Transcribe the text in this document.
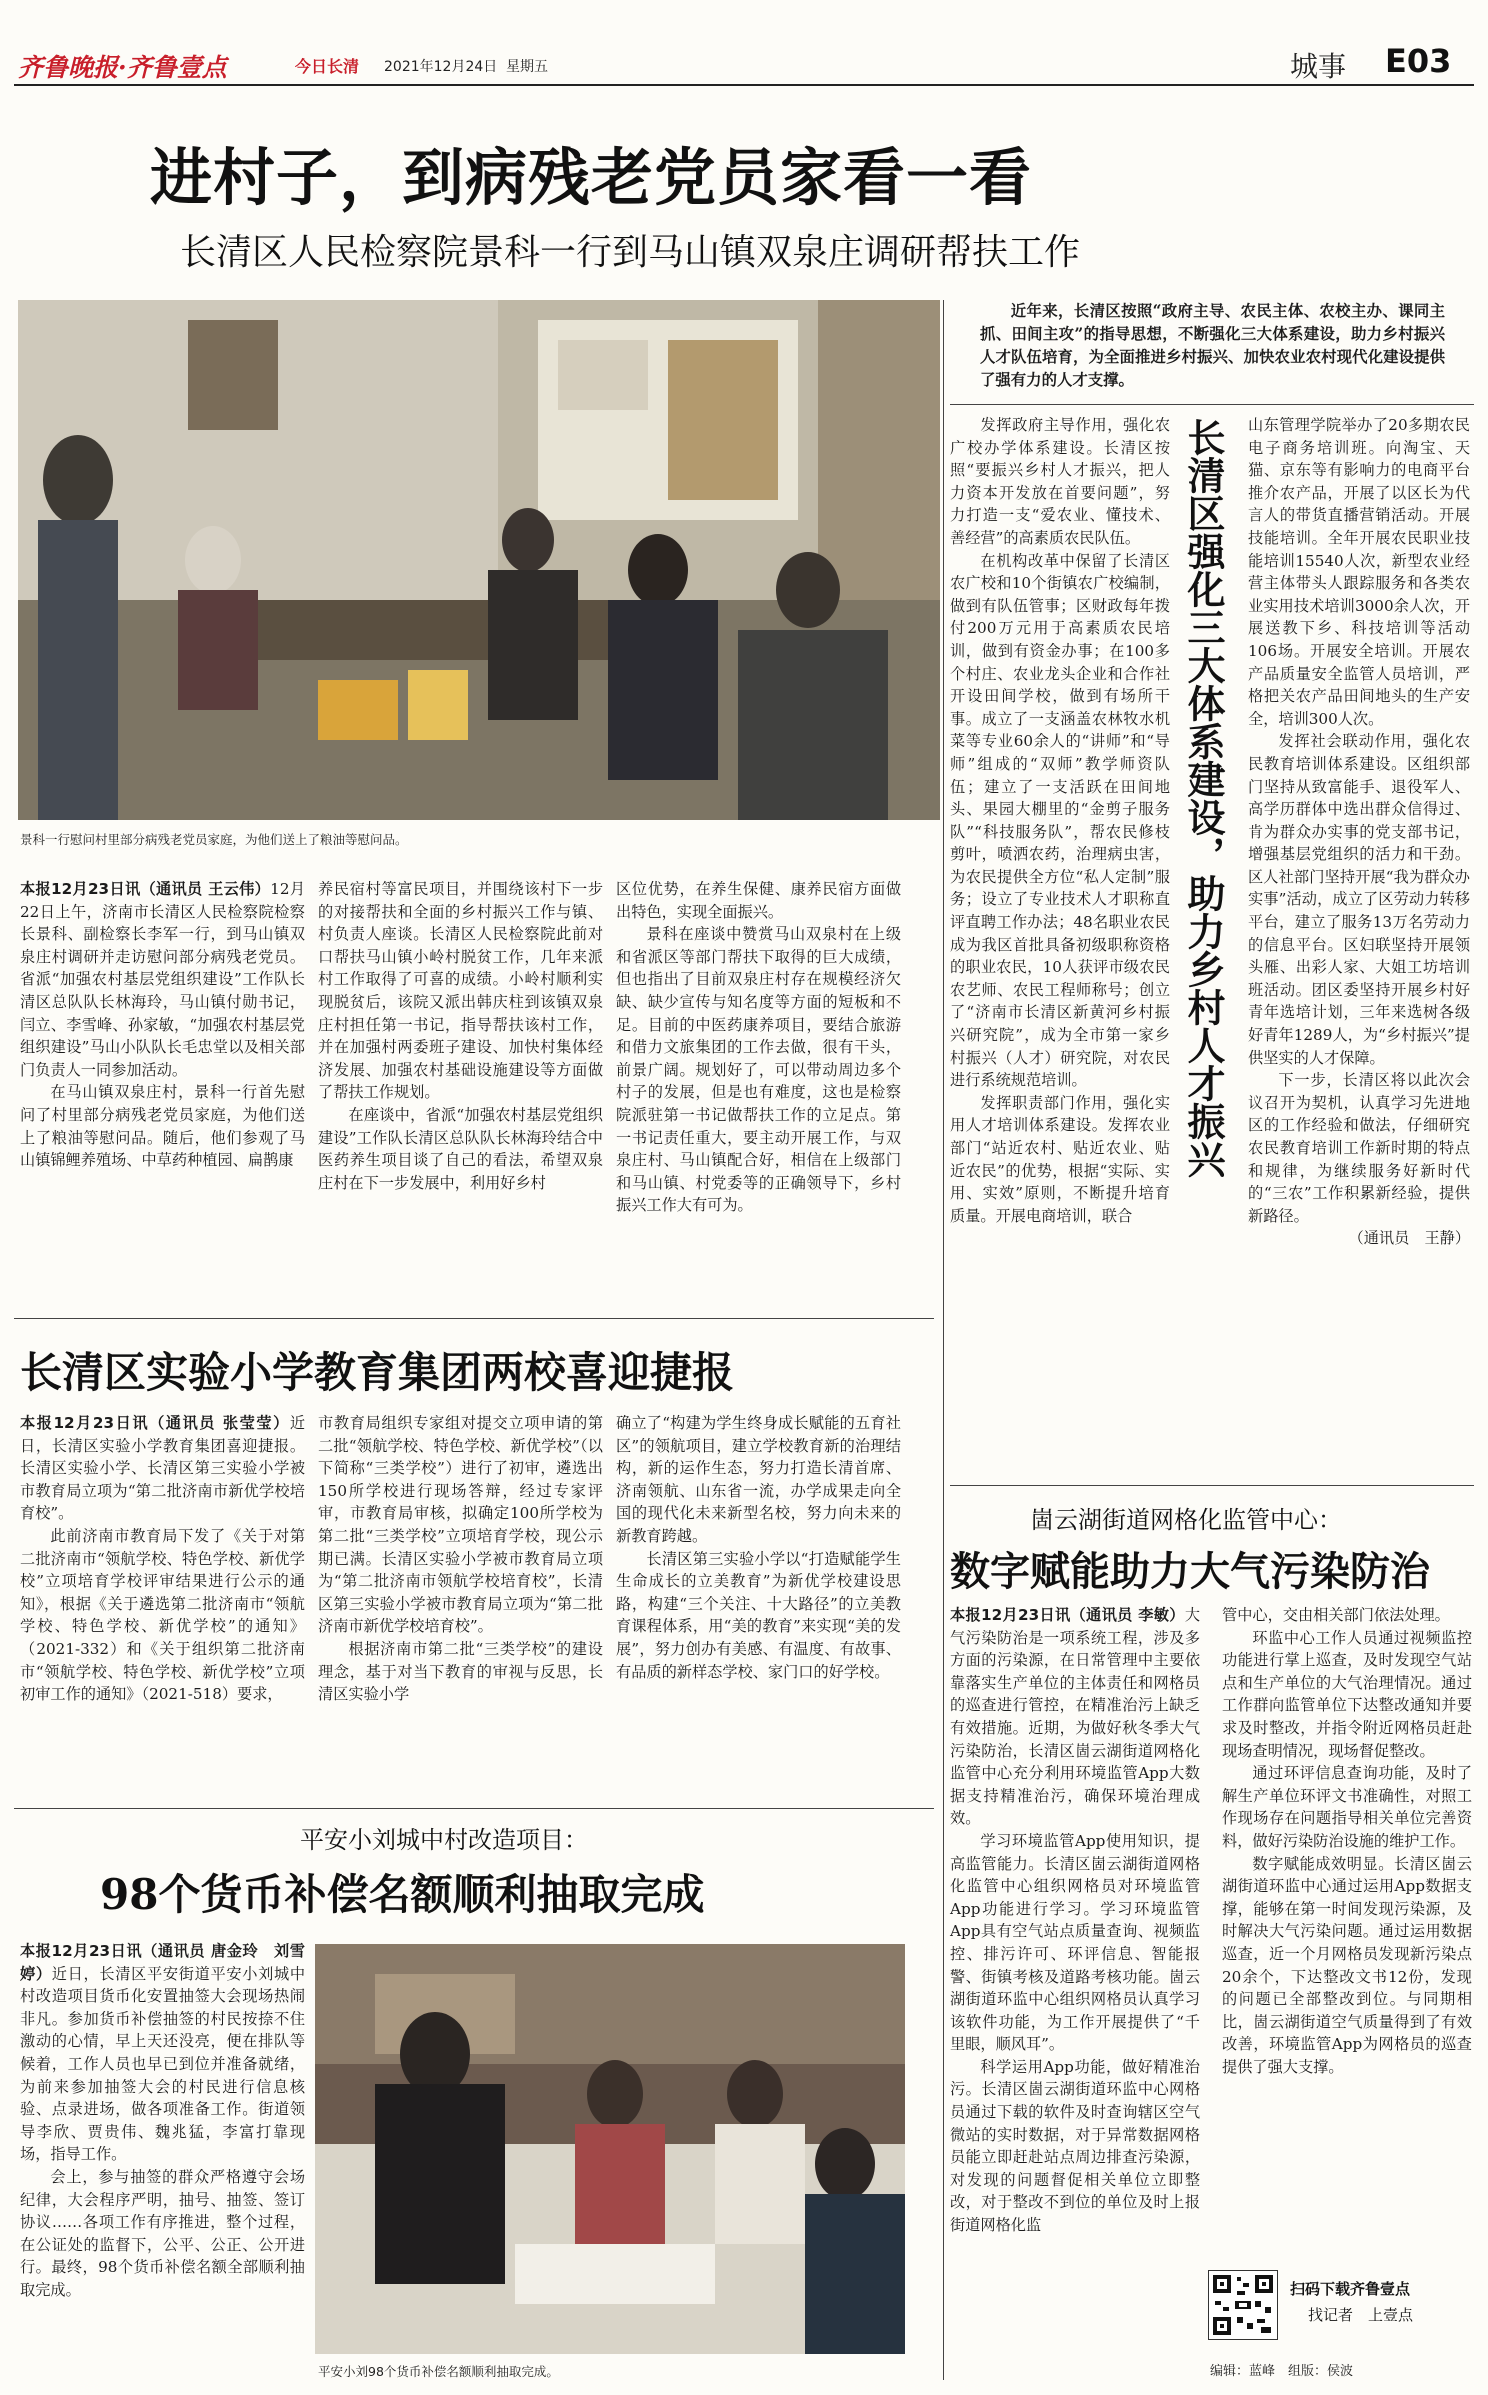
齐鲁晚报·齐鲁壹点	今日长清 2021年12月24日 星期五	城事 E03
进村子，到病残老党员家看一看
长清区人民检察院景科一行到马山镇双泉庄调研帮扶工作
景科一行慰问村里部分病残老党员家庭，为他们送上了粮油等慰问品。

本报12月23日讯（通讯员 王云伟）12月22日上午，济南市长清区人民检察院检察长景科、副检察长李军一行，到马山镇双泉庄村调研并走访慰问部分病残老党员。省派“加强农村基层党组织建设”工作队长清区总队队长林海玲，马山镇付勋书记，闫立、李雪峰、孙家敏，“加强农村基层党组织建设”马山小队队长毛忠堂以及相关部门负责人一同参加活动。

在马山镇双泉庄村，景科一行首先慰问了村里部分病残老党员家庭，为他们送上了粮油等慰问品。随后，他们参观了马山镇锦鲤养殖场、中草药种植园、扁鹊康

养民宿村等富民项目，并围绕该村下一步的对接帮扶和全面的乡村振兴工作与镇、村负责人座谈。长清区人民检察院此前对口帮扶马山镇小岭村脱贫工作，几年来派村工作取得了可喜的成绩。小岭村顺利实现脱贫后，该院又派出韩庆柱到该镇双泉庄村担任第一书记，指导帮扶该村工作，并在加强村两委班子建设、加快村集体经济发展、加强农村基础设施建设等方面做了帮扶工作规划。

在座谈中，省派“加强农村基层党组织建设”工作队长清区总队队长林海玲结合中医药养生项目谈了自己的看法，希望双泉庄村在下一步发展中，利用好乡村

区位优势，在养生保健、康养民宿方面做出特色，实现全面振兴。

景科在座谈中赞赏马山双泉村在上级和省派区等部门帮扶下取得的巨大成绩，但也指出了目前双泉庄村存在规模经济欠缺、缺少宣传与知名度等方面的短板和不足。目前的中医药康养项目，要结合旅游和借力文旅集团的工作去做，很有干头，前景广阔。规划好了，可以带动周边多个村子的发展，但是也有难度，这也是检察院派驻第一书记做帮扶工作的立足点。第一书记责任重大，要主动开展工作，与双泉庄村、马山镇配合好，相信在上级部门和马山镇、村党委等的正确领导下，乡村振兴工作大有可为。

近年来，长清区按照“政府主导、农民主体、农校主办、课同主抓、田间主攻”的指导思想，不断强化三大体系建设，助力乡村振兴人才队伍培育，为全面推进乡村振兴、加快农业农村现代化建设提供了强有力的人才支撑。

发挥政府主导作用，强化农广校办学体系建设。长清区按照“要振兴乡村人才振兴，把人力资本开发放在首要问题”，努力打造一支“爱农业、懂技术、善经营”的高素质农民队伍。

在机构改革中保留了长清区农广校和10个街镇农广校编制，做到有队伍管事；区财政每年拨付200万元用于高素质农民培训，做到有资金办事；在100多个村庄、农业龙头企业和合作社开设田间学校，做到有场所干事。成立了一支涵盖农林牧水机菜等专业60余人的“讲师”和“导师”组成的“双师”教学师资队伍；建立了一支活跃在田间地头、果园大棚里的“金剪子服务队”“科技服务队”，帮农民修枝剪叶，喷洒农药，治理病虫害，为农民提供全方位“私人定制”服务；设立了专业技术人才职称直评直聘工作办法；48名职业农民成为我区首批具备初级职称资格的职业农民，10人获评市级农民农艺师、农民工程师称号；创立了“济南市长清区新黄河乡村振兴研究院”，成为全市第一家乡村振兴（人才）研究院，对农民进行系统规范培训。

发挥职责部门作用，强化实用人才培训体系建设。发挥农业部门“站近农村、贴近农业、贴近农民”的优势，根据“实际、实用、实效”原则，不断提升培育质量。开展电商培训，联合

长清区强化三大体系建设，助力乡村人才振兴 山东管理学院举办了20多期农民电子商务培训班。向淘宝、天猫、京东等有影响力的电商平台推介农产品，开展了以区长为代言人的带货直播营销活动。开展技能培训。全年开展农民职业技能培训15540人次，新型农业经营主体带头人跟踪服务和各类农业实用技术培训3000余人次，开展送教下乡、科技培训等活动106场。开展安全培训。开展农产品质量安全监管人员培训，严格把关农产品田间地头的生产安全，培训300人次。

发挥社会联动作用，强化农民教育培训体系建设。区组织部门坚持从致富能手、退役军人、高学历群体中选出群众信得过、肯为群众办实事的党支部书记，增强基层党组织的活力和干劲。区人社部门坚持开展“我为群众办实事”活动，成立了区劳动力转移平台，建立了服务13万名劳动力的信息平台。区妇联坚持开展领头雁、出彩人家、大姐工坊培训班活动。团区委坚持开展乡村好青年选培计划，三年来选树各级好青年1289人，为“乡村振兴”提供坚实的人才保障。

下一步，长清区将以此次会议召开为契机，认真学习先进地区的工作经验和做法，仔细研究农民教育培训工作新时期的特点和规律，为继续服务好新时代的“三农”工作积累新经验，提供新路径。

（通讯员　王静）

长清区实验小学教育集团两校喜迎捷报

本报12月23日讯（通讯员 张莹莹）近日，长清区实验小学教育集团喜迎捷报。长清区实验小学、长清区第三实验小学被市教育局立项为“第二批济南市新优学校培育校”。

此前济南市教育局下发了《关于对第二批济南市“领航学校、特色学校、新优学校”立项培育学校评审结果进行公示的通知》，根据《关于遴选第二批济南市“领航学校、特色学校、新优学校”的通知》（2021-332）和《关于组织第二批济南市“领航学校、特色学校、新优学校”立项初审工作的通知》（2021-518）要求，

市教育局组织专家组对提交立项申请的第二批“领航学校、特色学校、新优学校”（以下简称“三类学校”）进行了初审，遴选出150所学校进行现场答辩，经过专家评审，市教育局审核，拟确定100所学校为第二批“三类学校”立项培育学校，现公示期已满。长清区实验小学被市教育局立项为“第二批济南市领航学校培育校”，长清区第三实验小学被市教育局立项为“第二批济南市新优学校培育校”。

根据济南市第二批“三类学校”的建设理念，基于对当下教育的审视与反思，长清区实验小学

确立了“构建为学生终身成长赋能的五育社区”的领航项目，建立学校教育新的治理结构，新的运作生态，努力打造长清首席、济南领航、山东省一流，办学成果走向全国的现代化未来新型名校，努力向未来的新教育跨越。

长清区第三实验小学以“打造赋能学生生命成长的立美教育”为新优学校建设思路，构建“三个关注、十大路径”的立美教育课程体系，用“美的教育”来实现“美的发展”，努力创办有美感、有温度、有故事、有品质的新样态学校、家门口的好学校。

平安小刘城中村改造项目：
98个货币补偿名额顺利抽取完成

本报12月23日讯（通讯员 唐金玲　刘雪婷）近日，长清区平安街道平安小刘城中村改造项目货币化安置抽签大会现场热闹非凡。参加货币补偿抽签的村民按捺不住激动的心情，早上天还没亮，便在排队等候着，工作人员也早已到位并准备就绪，为前来参加抽签大会的村民进行信息核验、点录进场，做各项准备工作。街道领导李欣、贾贵伟、魏兆猛，李富打靠现场，指导工作。

会上，参与抽签的群众严格遵守会场纪律，大会程序严明，抽号、抽签、签订协议……各项工作有序推进，整个过程，在公证处的监督下，公平、公正、公开进行。最终，98个货币补偿名额全部顺利抽取完成。

平安小刘98个货币补偿名额顺利抽取完成。
崮云湖街道网格化监管中心：
数字赋能助力大气污染防治

本报12月23日讯（通讯员 李敏）大气污染防治是一项系统工程，涉及多方面的污染源，在日常管理中主要依靠落实生产单位的主体责任和网格员的巡查进行管控，在精准治污上缺乏有效措施。近期，为做好秋冬季大气污染防治，长清区崮云湖街道网格化监管中心充分利用环境监管App大数据支持精准治污，确保环境治理成效。

学习环境监管App使用知识，提高监管能力。长清区崮云湖街道网格化监管中心组织网格员对环境监管App功能进行学习。学习环境监管App具有空气站点质量查询、视频监控、排污许可、环评信息、智能报警、街镇考核及道路考核功能。崮云湖街道环监中心组织网格员认真学习该软件功能，为工作开展提供了“千里眼，顺风耳”。

科学运用App功能，做好精准治污。长清区崮云湖街道环监中心网格员通过下载的软件及时查询辖区空气微站的实时数据，对于异常数据网格员能立即赶赴站点周边排查污染源，对发现的问题督促相关单位立即整改，对于整改不到位的单位及时上报街道网格化监

管中心，交由相关部门依法处理。

环监中心工作人员通过视频监控功能进行掌上巡查，及时发现空气站点和生产单位的大气治理情况。通过工作群向监管单位下达整改通知并要求及时整改，并指令附近网格员赶赴现场查明情况，现场督促整改。

通过环评信息查询功能，及时了解生产单位环评文书准确性，对照工作现场存在问题指导相关单位完善资料，做好污染防治设施的维护工作。

数字赋能成效明显。长清区崮云湖街道环监中心通过运用App数据支撑，能够在第一时间发现污染源，及时解决大气污染问题。通过运用数据巡查，近一个月网格员发现新污染点20余个，下达整改文书12份，发现的问题已全部整改到位。与同期相比，崮云湖街道空气质量得到了有效改善，环境监管App为网格员的巡查提供了强大支撑。

扫码下载齐鲁壹点
找记者　上壹点
编辑：蓝峰　组版：侯波
